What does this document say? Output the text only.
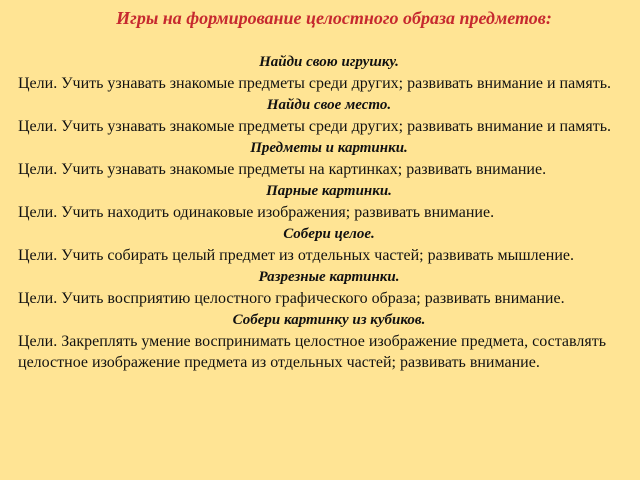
Игры на формирование целостного образа предметов:
Найди свою игрушку.
Цели. Учить узнавать знакомые предметы среди других; развивать внимание и память.
Найди свое место.
Цели. Учить узнавать знакомые предметы среди других; развивать внимание и память.
Предметы и картинки.
Цели. Учить узнавать знакомые предметы на картинках; развивать внимание.
Парные картинки.
Цели. Учить находить одинаковые изображения; развивать внимание.
Собери целое.
Цели. Учить собирать целый предмет из отдельных частей; развивать мышление.
Разрезные картинки.
Цели. Учить восприятию целостного графического образа; развивать внимание.
Собери картинку из кубиков.
Цели. Закреплять умение воспринимать целостное изображение предмета, составлять целостное изображение предмета из отдельных частей; развивать внимание.
